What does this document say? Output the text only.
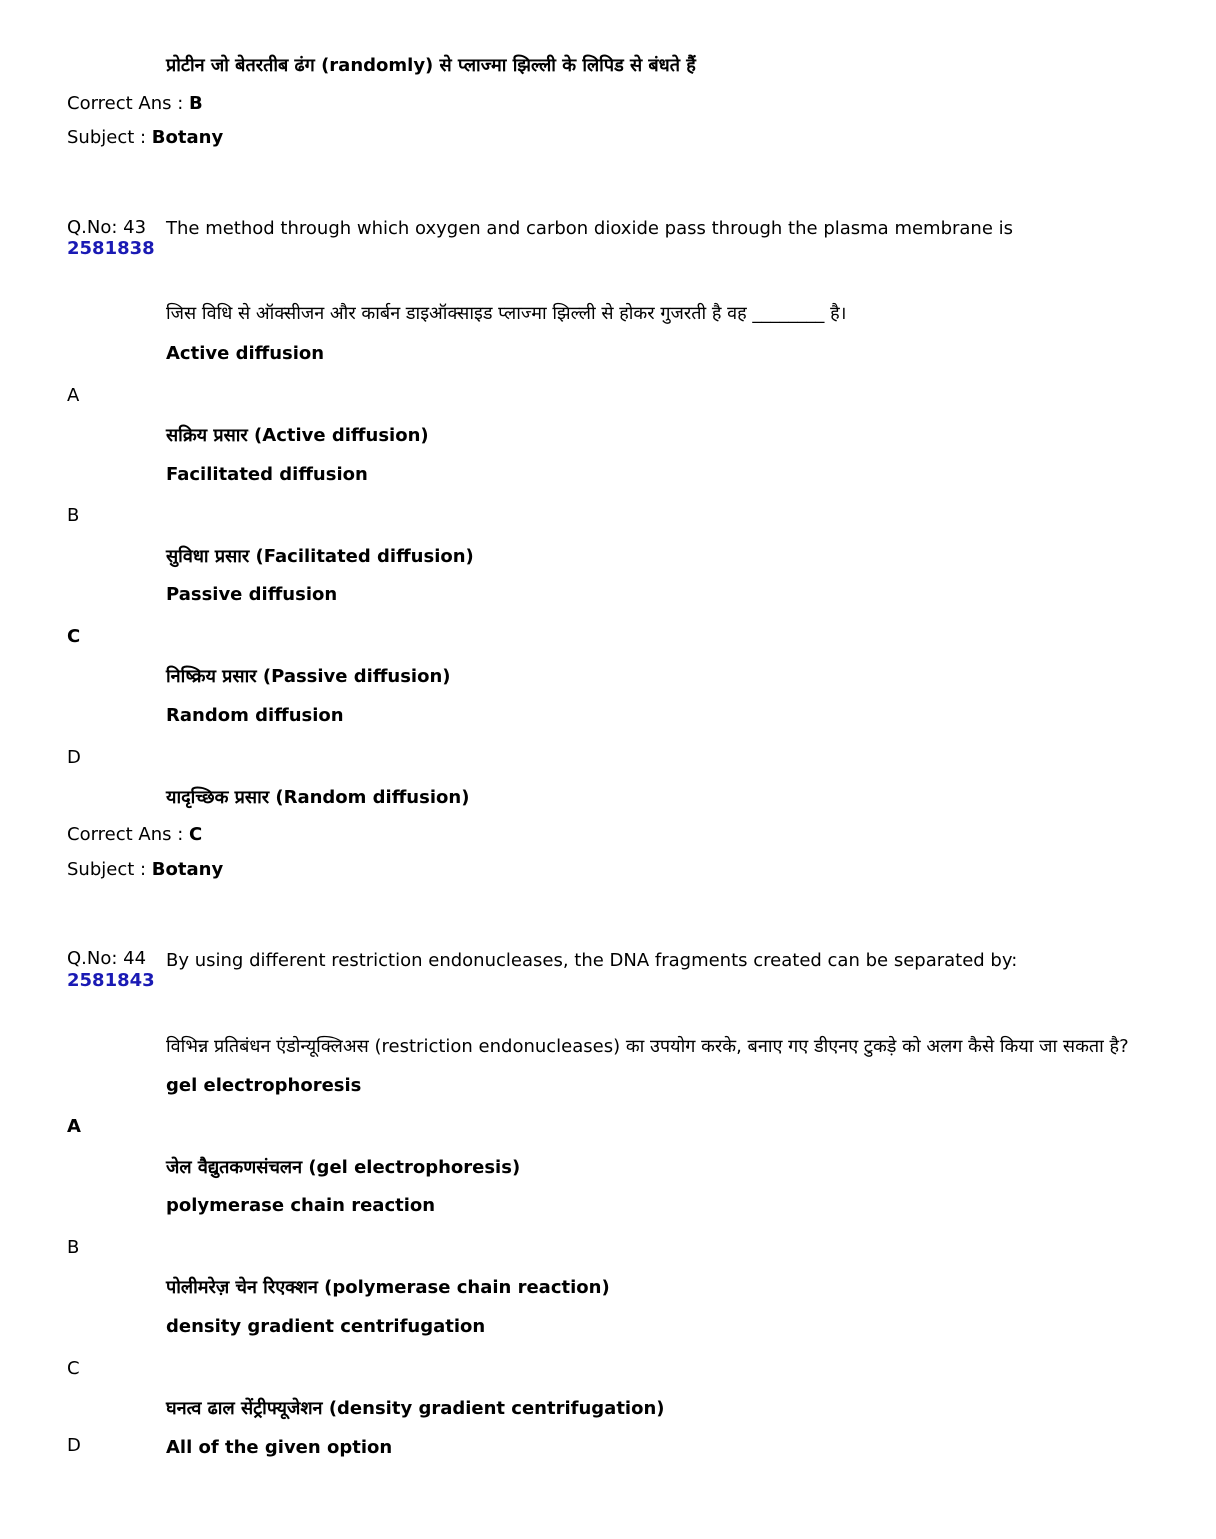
प्रोटीन जो बेतरतीब ढंग (randomly) से प्लाज्मा झिल्ली के लिपिड से बंधते हैं
Correct Ans : B
Subject : Botany
Q.No: 43
2581838
The method through which oxygen and carbon dioxide pass through the plasma membrane is
जिस विधि से ऑक्सीजन और कार्बन डाइऑक्साइड प्लाज्मा झिल्ली से होकर गुजरती है वह ________ है।
Active diffusion
A
सक्रिय प्रसार (Active diffusion)
Facilitated diffusion
B
सुविधा प्रसार (Facilitated diffusion)
Passive diffusion
C
निष्क्रिय प्रसार (Passive diffusion)
Random diffusion
D
यादृच्छिक प्रसार (Random diffusion)
Correct Ans : C
Subject : Botany
Q.No: 44
2581843
By using different restriction endonucleases, the DNA fragments created can be separated by:
विभिन्न प्रतिबंधन एंडोन्यूक्लिअस (restriction endonucleases) का उपयोग करके, बनाए गए डीएनए टुकड़े को अलग कैसे किया जा सकता है?
gel electrophoresis
A
जेल वैद्युतकणसंचलन (gel electrophoresis)
polymerase chain reaction
B
पोलीमरेज़ चेन रिएक्शन (polymerase chain reaction)
density gradient centrifugation
C
घनत्व ढाल सेंट्रीफ्यूजेशन (density gradient centrifugation)
D	All of the given option
